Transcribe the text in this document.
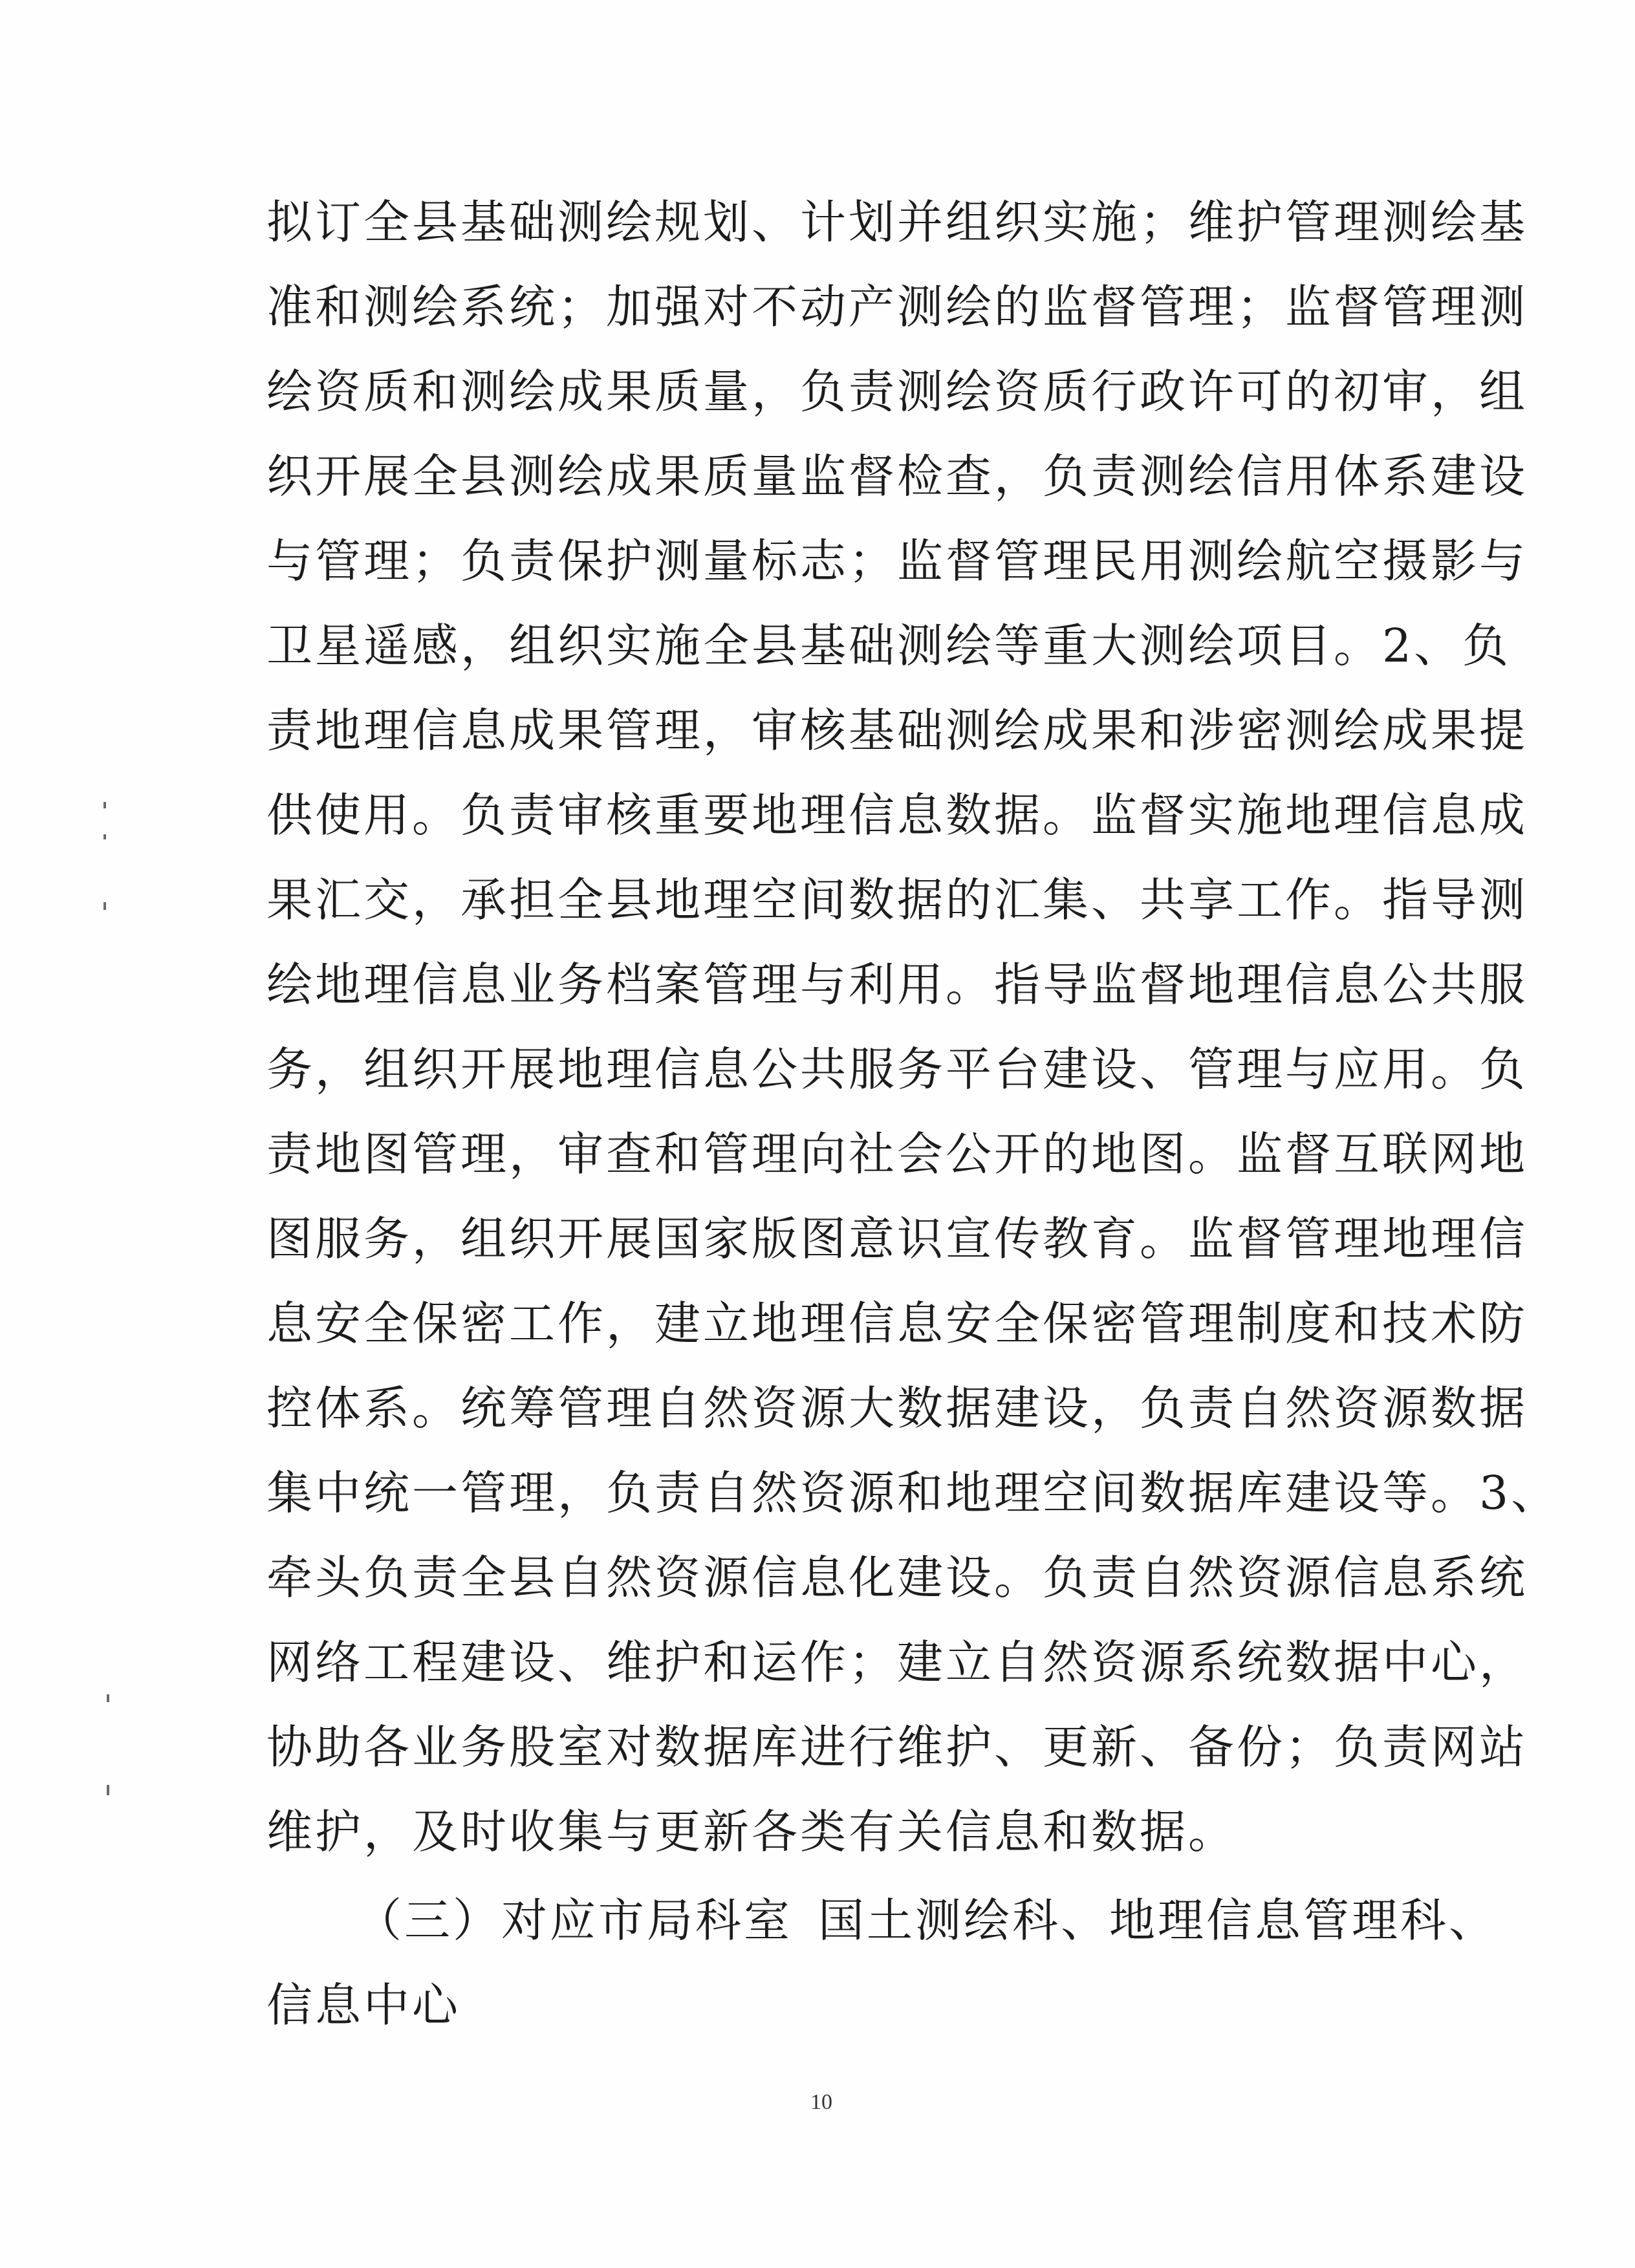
拟订全县基础测绘规划、计划并组织实施；维护管理测绘基
准和测绘系统；加强对不动产测绘的监督管理；监督管理测
绘资质和测绘成果质量，负责测绘资质行政许可的初审，组
织开展全县测绘成果质量监督检查，负责测绘信用体系建设
与管理；负责保护测量标志；监督管理民用测绘航空摄影与
卫星遥感，组织实施全县基础测绘等重大测绘项目。2、负
责地理信息成果管理，审核基础测绘成果和涉密测绘成果提
供使用。负责审核重要地理信息数据。监督实施地理信息成
果汇交，承担全县地理空间数据的汇集、共享工作。指导测
绘地理信息业务档案管理与利用。指导监督地理信息公共服
务，组织开展地理信息公共服务平台建设、管理与应用。负
责地图管理，审查和管理向社会公开的地图。监督互联网地
图服务，组织开展国家版图意识宣传教育。监督管理地理信
息安全保密工作，建立地理信息安全保密管理制度和技术防
控体系。统筹管理自然资源大数据建设，负责自然资源数据
集中统一管理，负责自然资源和地理空间数据库建设等。3、
牵头负责全县自然资源信息化建设。负责自然资源信息系统
网络工程建设、维护和运作；建立自然资源系统数据中心，
协助各业务股室对数据库进行维护、更新、备份；负责网站
维护，及时收集与更新各类有关信息和数据。
（三）对应市局科室 国土测绘科、地理信息管理科、
信息中心
10
